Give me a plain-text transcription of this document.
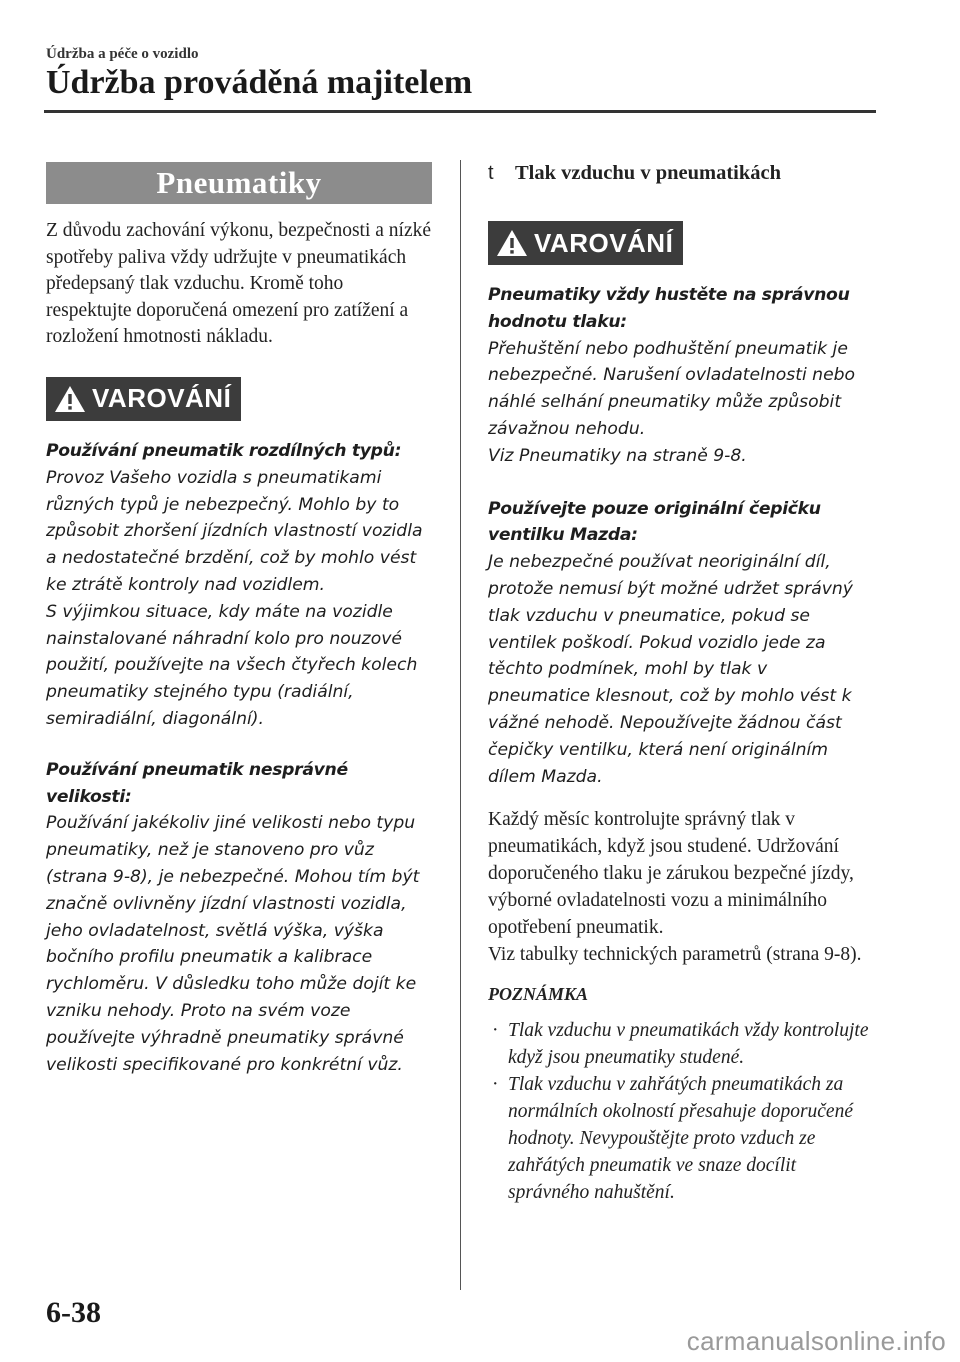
Údržba a péče o vozidlo
Údržba prováděná majitelem
Pneumatiky

Z důvodu zachování výkonu, bezpečnosti a nízké spotřeby paliva vždy udržujte v pneumatikách předepsaný tlak vzduchu. Kromě toho respektujte doporučená omezení pro zatížení a rozložení hmotnosti nákladu.

VAROVÁNÍ

Používání pneumatik rozdílných typů:

Provoz Vašeho vozidla s pneumatikami různých typů je nebezpečný. Mohlo by to způsobit zhoršení jízdních vlastností vozidla a nedostatečné brzdění, což by mohlo vést ke ztrátě kontroly nad vozidlem.

S výjimkou situace, kdy máte na vozidle nainstalované náhradní kolo pro nouzové použití, používejte na všech čtyřech kolech pneumatiky stejného typu (radiální, semiradiální, diagonální).

Používání pneumatik nesprávné velikosti:

Používání jakékoliv jiné velikosti nebo typu pneumatiky, než je stanoveno pro vůz (strana 9-8), je nebezpečné. Mohou tím být značně ovlivněny jízdní vlastnosti vozidla, jeho ovladatelnost, světlá výška, výška bočního profilu pneumatik a kalibrace rychloměru. V důsledku toho může dojít ke vzniku nehody. Proto na svém voze používejte výhradně pneumatiky správné velikosti specifikované pro konkrétní vůz.

t	Tlak vzduchu v pneumatikách
VAROVÁNÍ

Pneumatiky vždy hustěte na správnou hodnotu tlaku:

Přehuštění nebo podhuštění pneumatik je nebezpečné. Narušení ovladatelnosti nebo náhlé selhání pneumatiky může způsobit závažnou nehodu.

Viz Pneumatiky na straně 9-8.

Používejte pouze originální čepičku ventilku Mazda:

Je nebezpečné používat neoriginální díl, protože nemusí být možné udržet správný tlak vzduchu v pneumatice, pokud se ventilek poškodí. Pokud vozidlo jede za těchto podmínek, mohl by tlak v pneumatice klesnout, což by mohlo vést k vážné nehodě. Nepoužívejte žádnou část čepičky ventilku, která není originálním dílem Mazda.

Každý měsíc kontrolujte správný tlak v pneumatikách, když jsou studené. Udržování doporučeného tlaku je zárukou bezpečné jízdy, výborné ovladatelnosti vozu a minimálního opotřebení pneumatik.

Viz tabulky technických parametrů (strana 9-8).

POZNÁMKA

· Tlak vzduchu v pneumatikách vždy kontrolujte když jsou pneumatiky studené.
· Tlak vzduchu v zahřátých pneumatikách za normálních okolností přesahuje doporučené hodnoty. Nevypouštějte proto vzduch ze zahřátých pneumatik ve snaze docílit správného nahuštění.
6-38
carmanualsonline.info
